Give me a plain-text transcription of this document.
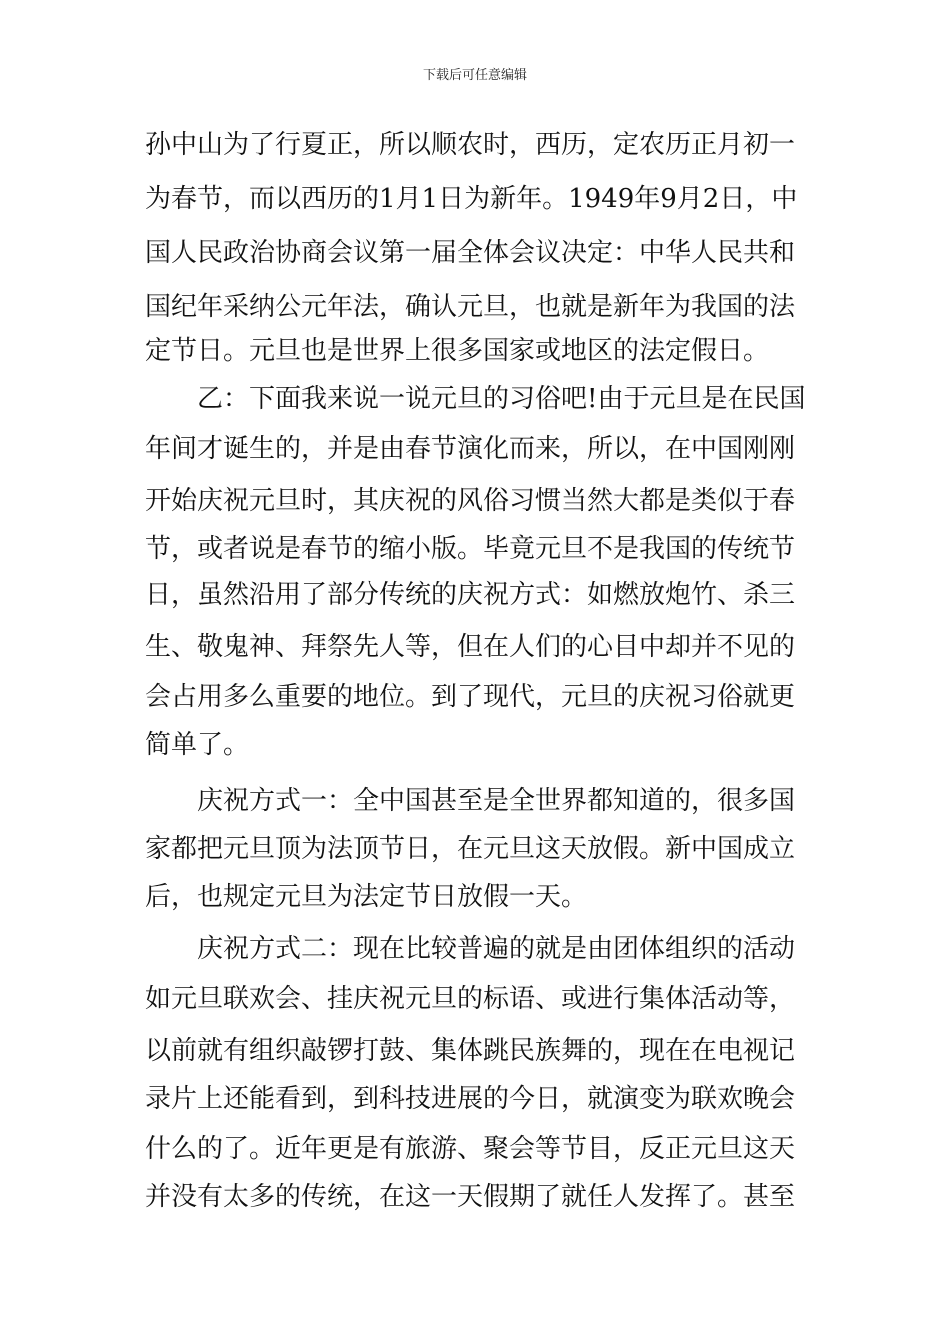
下载后可任意编辑
孙中山为了行夏正，所以顺农时，西历，定农历正月初一
为春节，而以西历的1月1日为新年。1949年9月2日，中
国人民政治协商会议第一届全体会议决定：中华人民共和
国纪年采纳公元年法，确认元旦，也就是新年为我国的法
定节日。元旦也是世界上很多国家或地区的法定假日。
乙：下面我来说一说元旦的习俗吧!由于元旦是在民国
年间才诞生的，并是由春节演化而来，所以，在中国刚刚
开始庆祝元旦时，其庆祝的风俗习惯当然大都是类似于春
节，或者说是春节的缩小版。毕竟元旦不是我国的传统节
日，虽然沿用了部分传统的庆祝方式：如燃放炮竹、杀三
生、敬鬼神、拜祭先人等，但在人们的心目中却并不见的
会占用多么重要的地位。到了现代，元旦的庆祝习俗就更
简单了。
庆祝方式一：全中国甚至是全世界都知道的，很多国
家都把元旦顶为法顶节日，在元旦这天放假。新中国成立
后，也规定元旦为法定节日放假一天。
庆祝方式二：现在比较普遍的就是由团体组织的活动
如元旦联欢会、挂庆祝元旦的标语、或进行集体活动等，
以前就有组织敲锣打鼓、集体跳民族舞的，现在在电视记
录片上还能看到，到科技进展的今日，就演变为联欢晚会
什么的了。近年更是有旅游、聚会等节目，反正元旦这天
并没有太多的传统，在这一天假期了就任人发挥了。甚至
